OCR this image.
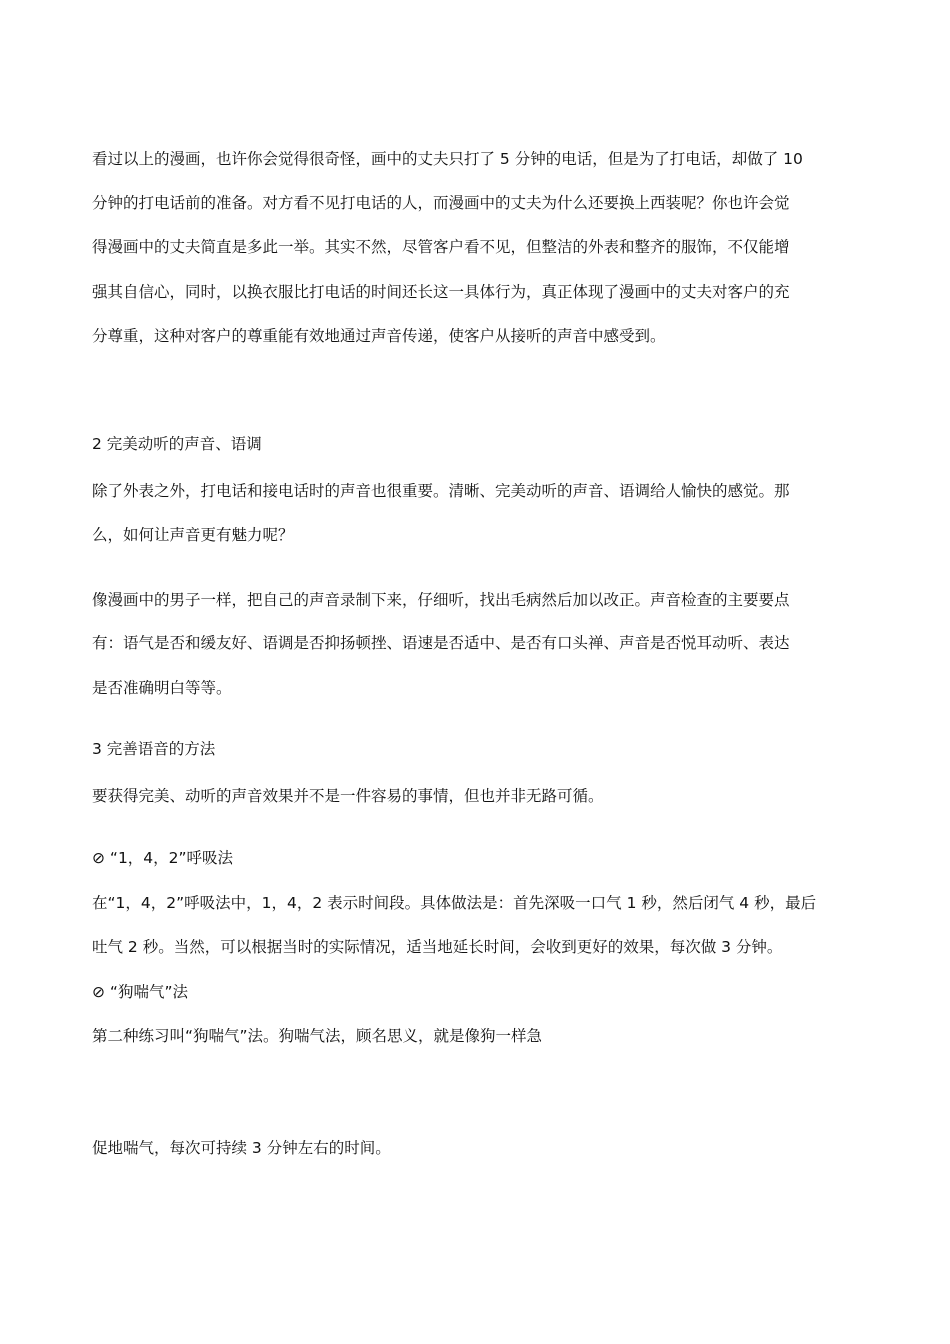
看过以上的漫画，也许你会觉得很奇怪，画中的丈夫只打了 5 分钟的电话，但是为了打电话，却做了 10
分钟的打电话前的准备。对方看不见打电话的人，而漫画中的丈夫为什么还要换上西装呢？你也许会觉
得漫画中的丈夫简直是多此一举。其实不然，尽管客户看不见，但整洁的外表和整齐的服饰，不仅能增
强其自信心，同时，以换衣服比打电话的时间还长这一具体行为，真正体现了漫画中的丈夫对客户的充
分尊重，这种对客户的尊重能有效地通过声音传递，使客户从接听的声音中感受到。
2 完美动听的声音、语调
除了外表之外，打电话和接电话时的声音也很重要。清晰、完美动听的声音、语调给人愉快的感觉。那
么，如何让声音更有魅力呢？
像漫画中的男子一样，把自己的声音录制下来，仔细听，找出毛病然后加以改正。声音检查的主要要点
有：语气是否和缓友好、语调是否抑扬顿挫、语速是否适中、是否有口头禅、声音是否悦耳动听、表达
是否准确明白等等。
3 完善语音的方法
要获得完美、动听的声音效果并不是一件容易的事情，但也并非无路可循。
⊘ “1，4，2”呼吸法
在“1，4，2”呼吸法中，1，4，2 表示时间段。具体做法是：首先深吸一口气 1 秒，然后闭气 4 秒，最后
吐气 2 秒。当然，可以根据当时的实际情况，适当地延长时间，会收到更好的效果，每次做 3 分钟。
⊘ “狗喘气”法
第二种练习叫“狗喘气”法。狗喘气法，顾名思义，就是像狗一样急
促地喘气，每次可持续 3 分钟左右的时间。
